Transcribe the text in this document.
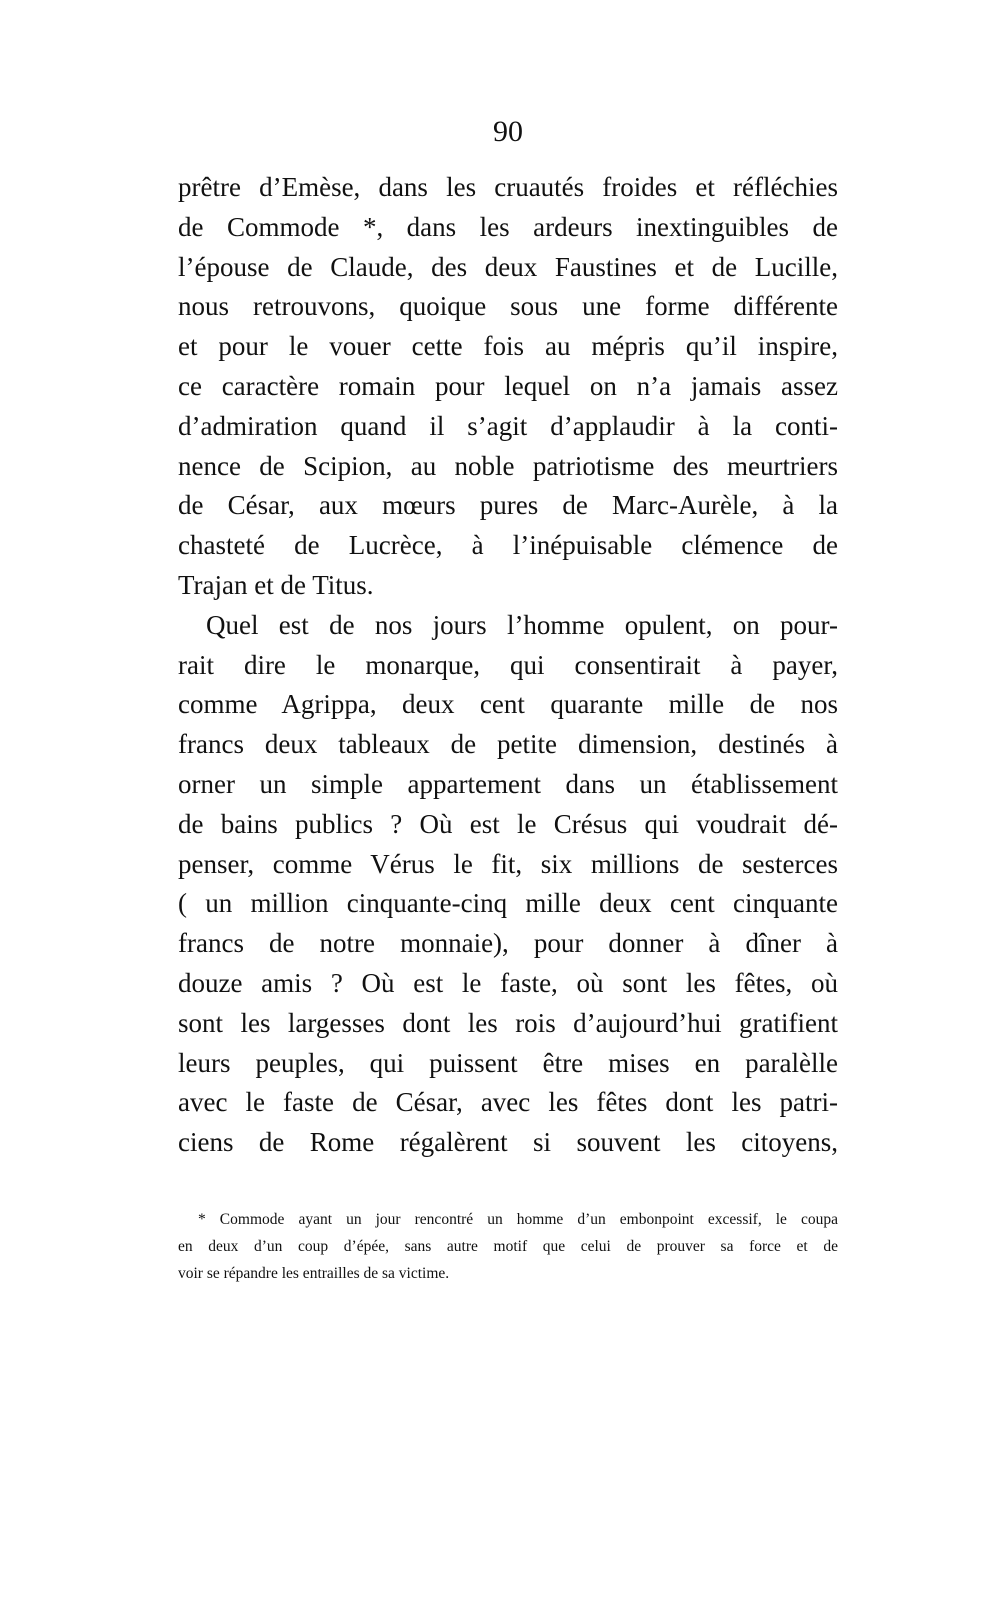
90
prêtre d’Emèse, dans les cruautés froides et réfléchies
de Commode *, dans les ardeurs inextinguibles de
l’épouse de Claude, des deux Faustines et de Lucille,
nous retrouvons, quoique sous une forme différente
et pour le vouer cette fois au mépris qu’il inspire,
ce caractère romain pour lequel on n’a jamais assez
d’admiration quand il s’agit d’applaudir à la conti-
nence de Scipion, au noble patriotisme des meurtriers
de César, aux mœurs pures de Marc-Aurèle, à la
chasteté de Lucrèce, à l’inépuisable clémence de
Trajan et de Titus.
Quel est de nos jours l’homme opulent, on pour-
rait dire le monarque, qui consentirait à payer,
comme Agrippa, deux cent quarante mille de nos
francs deux tableaux de petite dimension, destinés à
orner un simple appartement dans un établissement
de bains publics ? Où est le Crésus qui voudrait dé-
penser, comme Vérus le fit, six millions de sesterces
( un million cinquante-cinq mille deux cent cinquante
francs de notre monnaie), pour donner à dîner à
douze amis ? Où est le faste, où sont les fêtes, où
sont les largesses dont les rois d’aujourd’hui gratifient
leurs peuples, qui puissent être mises en paralèlle
avec le faste de César, avec les fêtes dont les patri-
ciens de Rome régalèrent si souvent les citoyens,
* Commode ayant un jour rencontré un homme d’un embonpoint excessif, le coupa
en deux d’un coup d’épée, sans autre motif que celui de prouver sa force et de
voir se répandre les entrailles de sa victime.
